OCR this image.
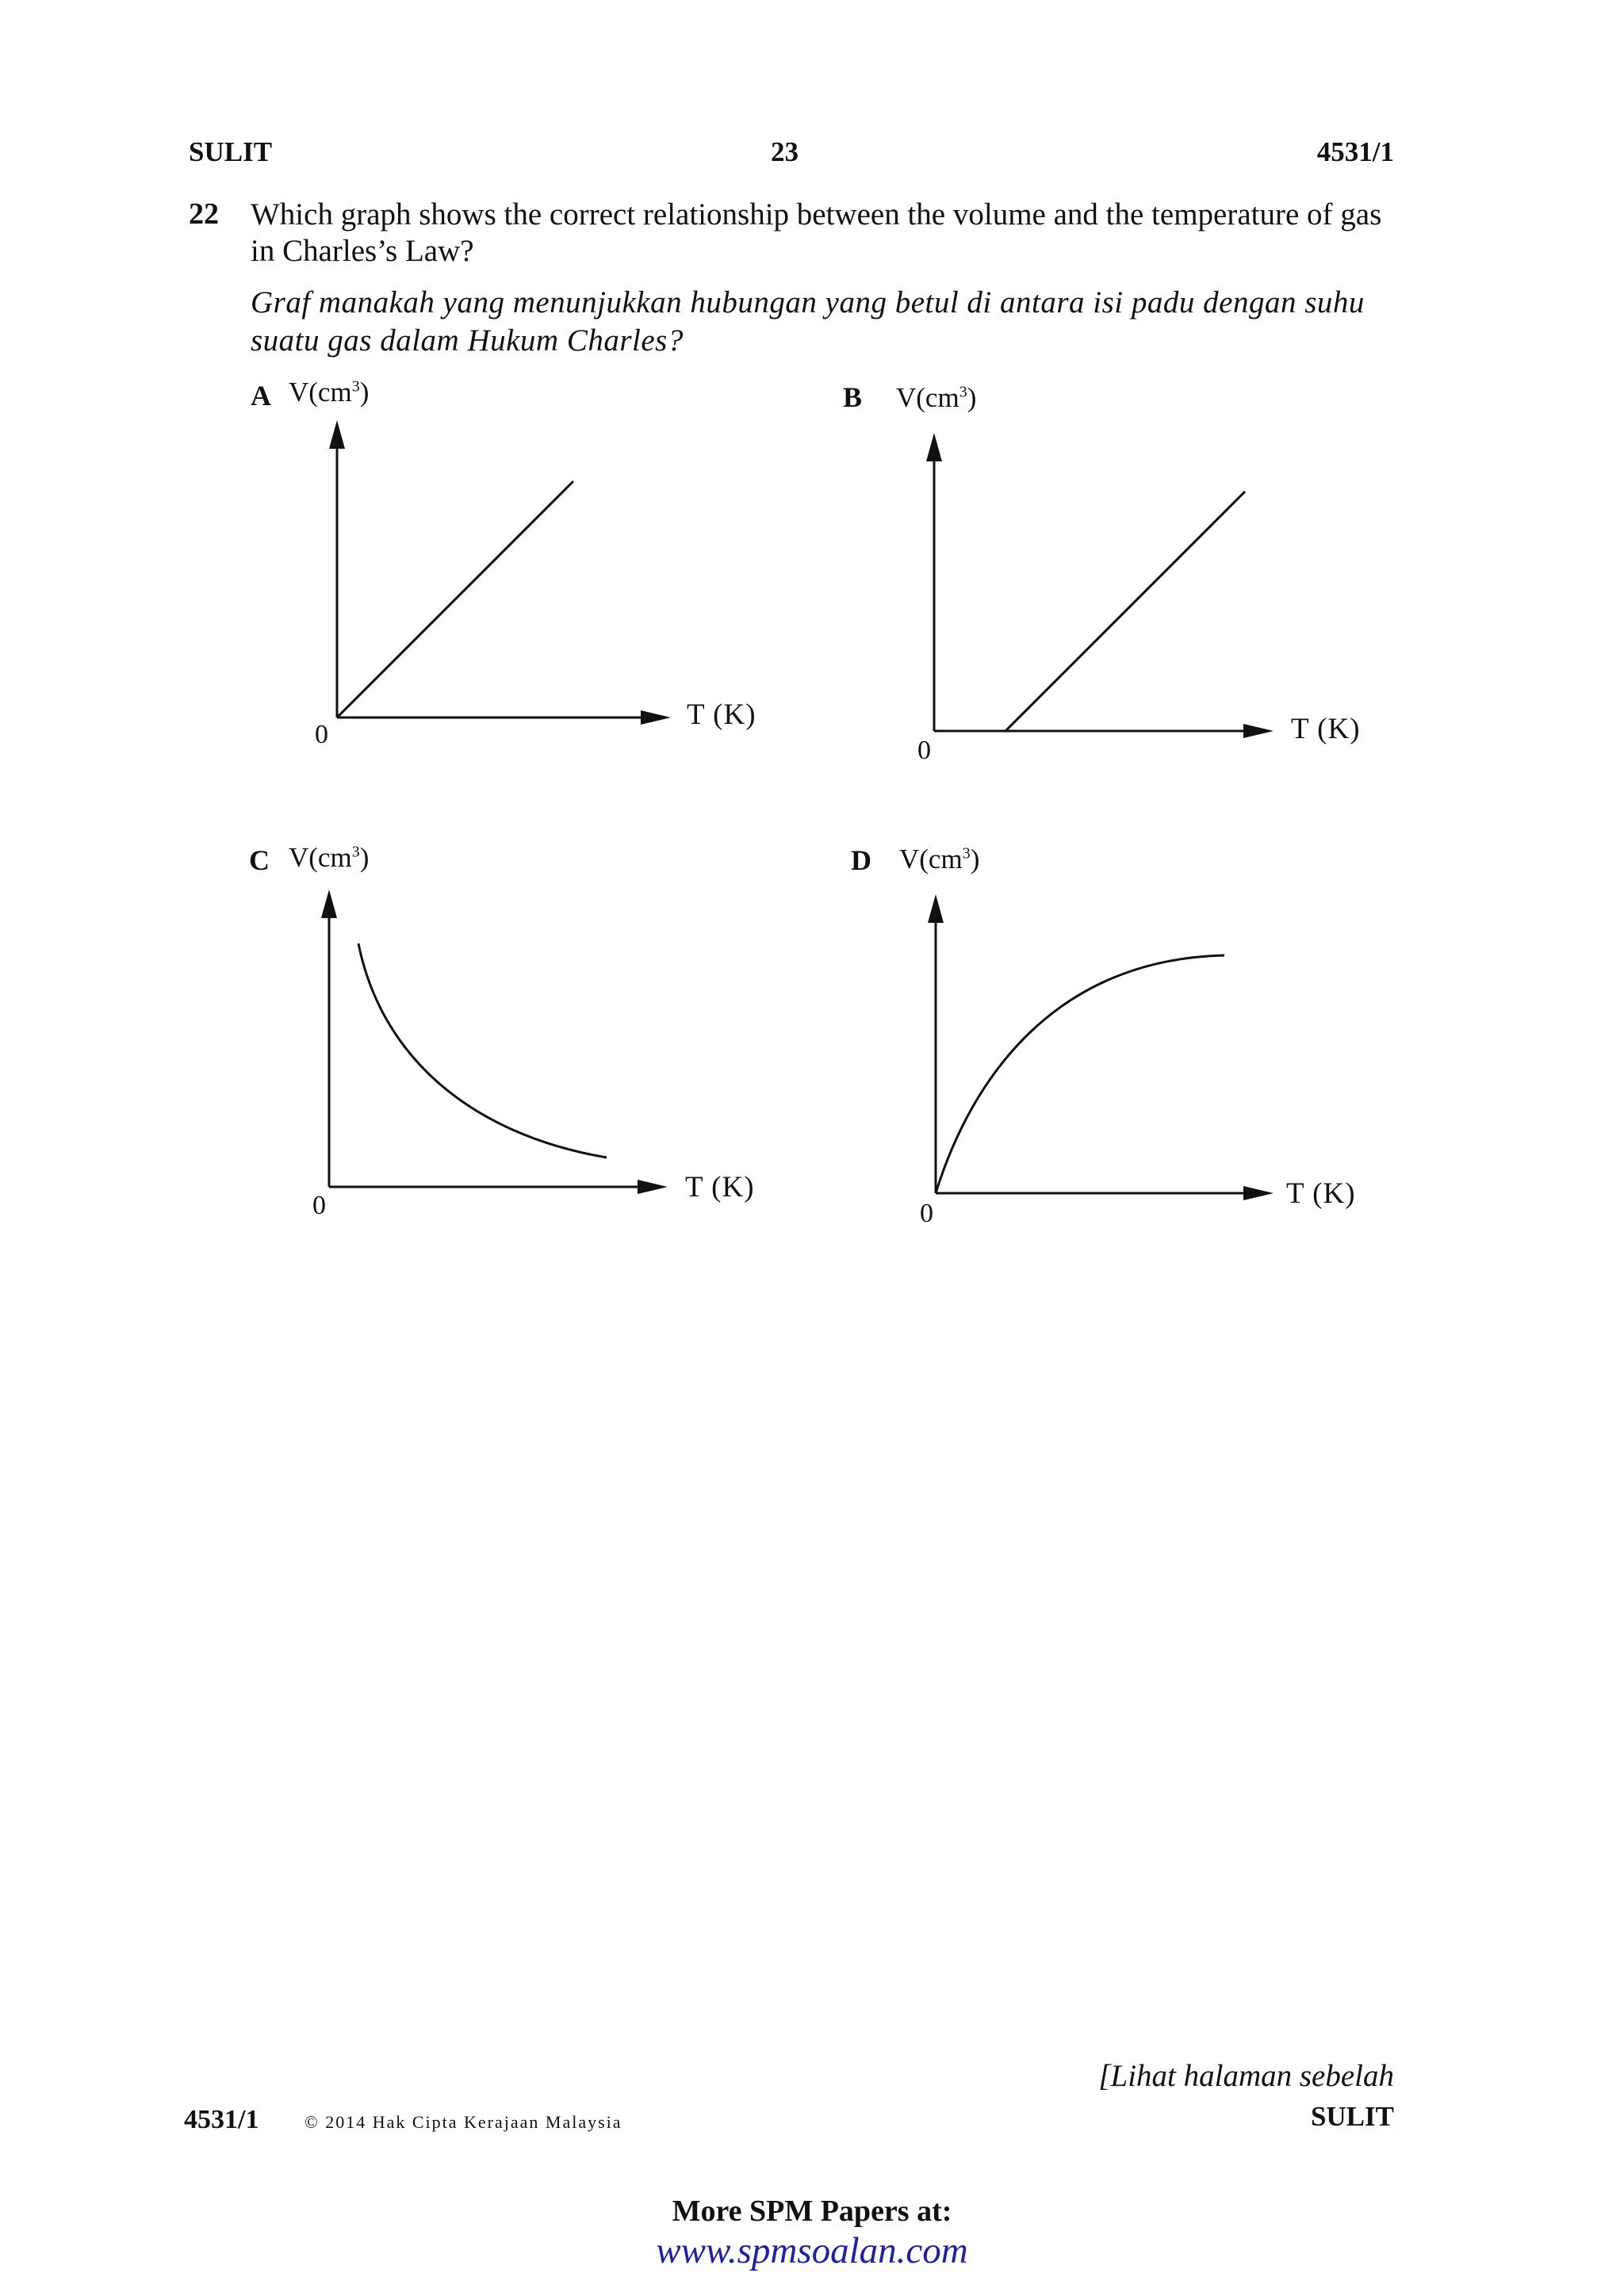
SULIT	23	4531/1
22 Which graph shows the correct relationship between the volume and the temperature of gas in Charles’s Law?
Graf manakah yang menunjukkan hubungan yang betul di antara isi padu dengan suhu suatu gas dalam Hukum Charles?
A $V(cm^3)$
T (K)
0
B $V(cm^3)$
T (K)
0
C $V(cm^3)$
T (K)
0
D $V(cm^3)$
T (K)
0
[Lihat halaman sebelah
SULIT
4531/1	© 2014 Hak Cipta Kerajaan Malaysia
More SPM Papers at:
www.spmsoalan.com
